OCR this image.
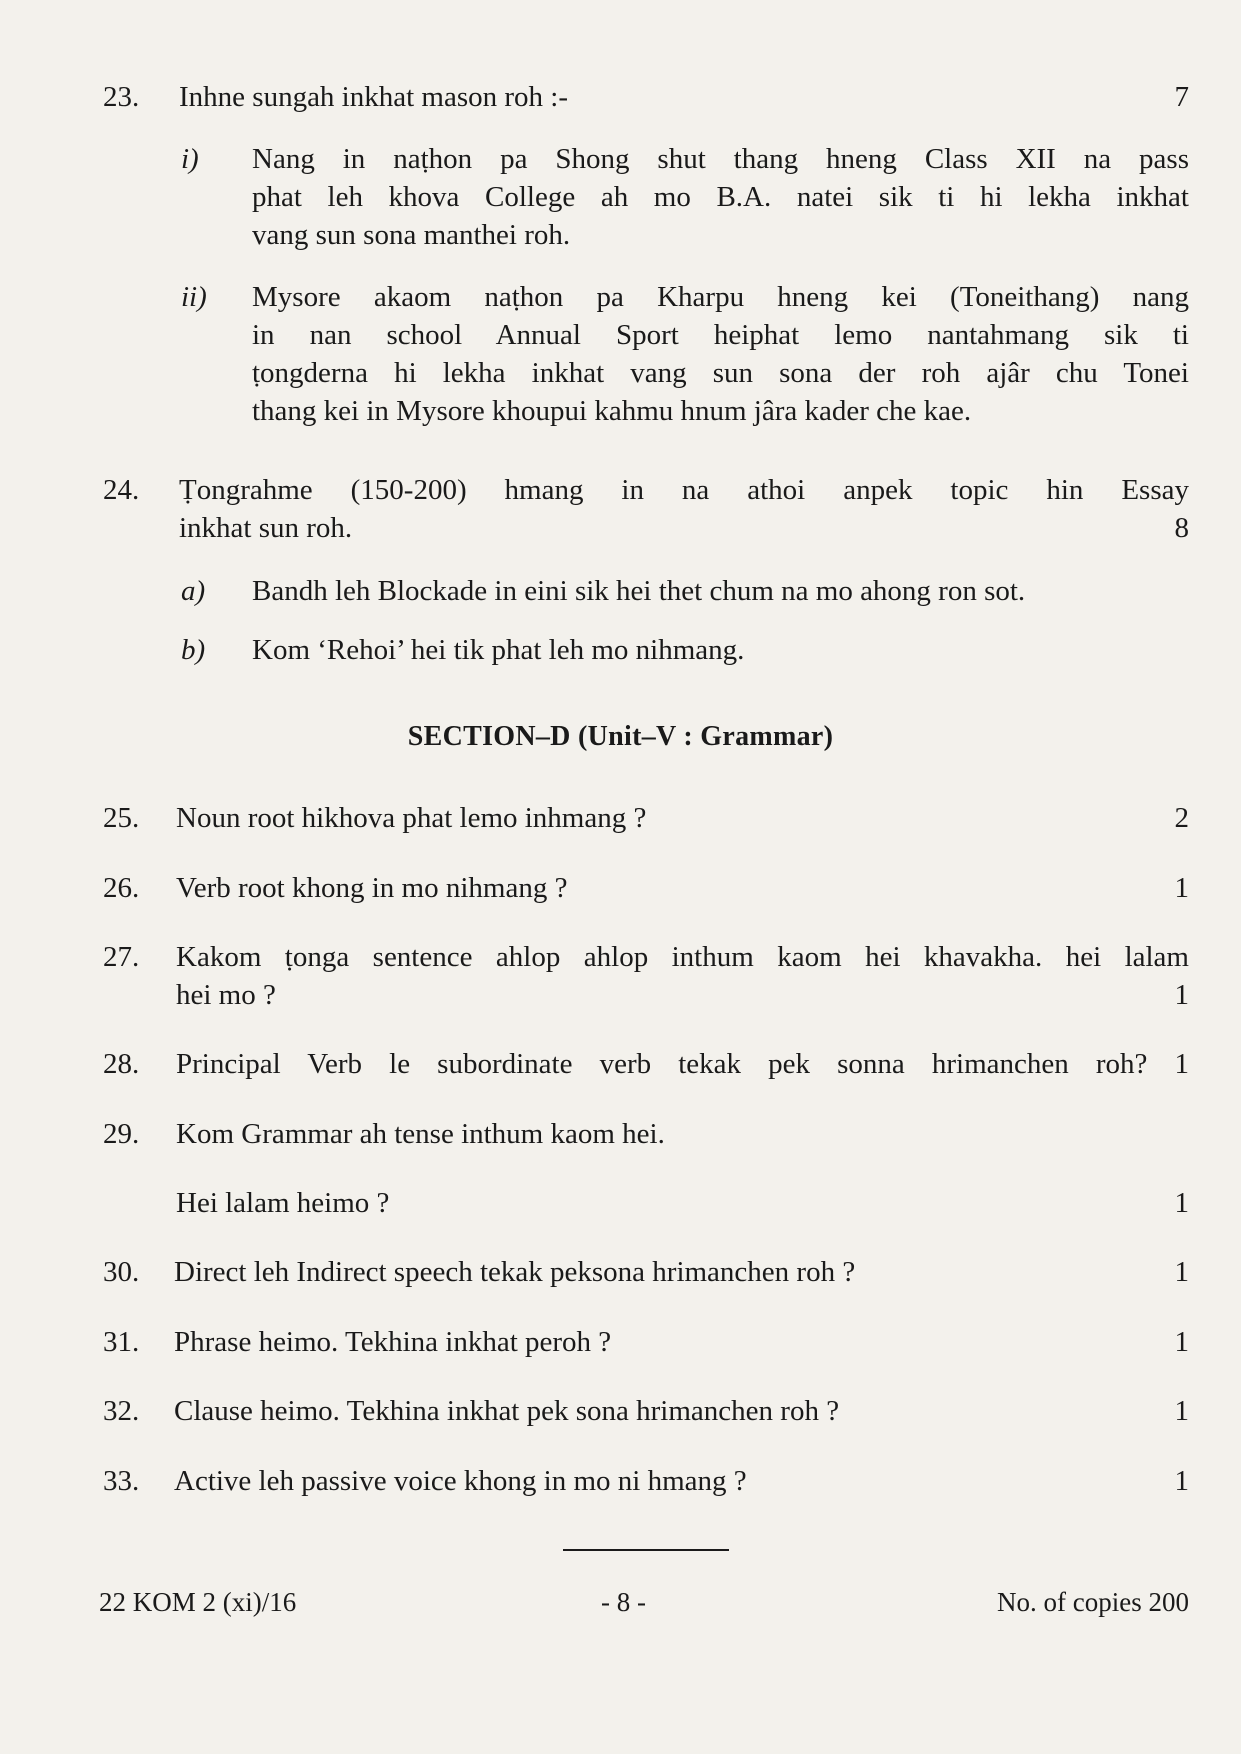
23. Inhne sungah inkhat mason roh :-	7
i) Nang in naṭhon pa Shong shut thang hneng Class XII na pass
phat leh khova College ah mo B.A. natei sik ti hi lekha inkhat
vang sun sona manthei roh.
ii) Mysore akaom naṭhon pa Kharpu hneng kei (Toneithang) nang
in nan school Annual Sport heiphat lemo nantahmang sik ti
ṭongderna hi lekha inkhat vang sun sona der roh ajâr chu Tonei
thang kei in Mysore khoupui kahmu hnum jâra kader che kae.
24. Ṭongrahme (150-200) hmang in na athoi anpek topic hin Essay
inkhat sun roh.	8
a) Bandh leh Blockade in eini sik hei thet chum na mo ahong ron sot.
b) Kom ‘Rehoi’ hei tik phat leh mo nihmang.
SECTION–D (Unit–V : Grammar)
25. Noun root hikhova phat lemo inhmang ?	2
26. Verb root khong in mo nihmang ?	1
27. Kakom ṭonga sentence ahlop ahlop inthum kaom hei khavakha. hei lalam
hei mo ?	1
28. Principal Verb le subordinate verb tekak pek sonna hrimanchen roh? 1
29. Kom Grammar ah tense inthum kaom hei.
Hei lalam heimo ?	1
30. Direct leh Indirect speech tekak peksona hrimanchen roh ?	1
31. Phrase heimo. Tekhina inkhat peroh ?	1
32. Clause heimo. Tekhina inkhat pek sona hrimanchen roh ?	1
33. Active leh passive voice khong in mo ni hmang ?	1
22 KOM 2 (xi)/16	- 8 -	No. of copies 200
